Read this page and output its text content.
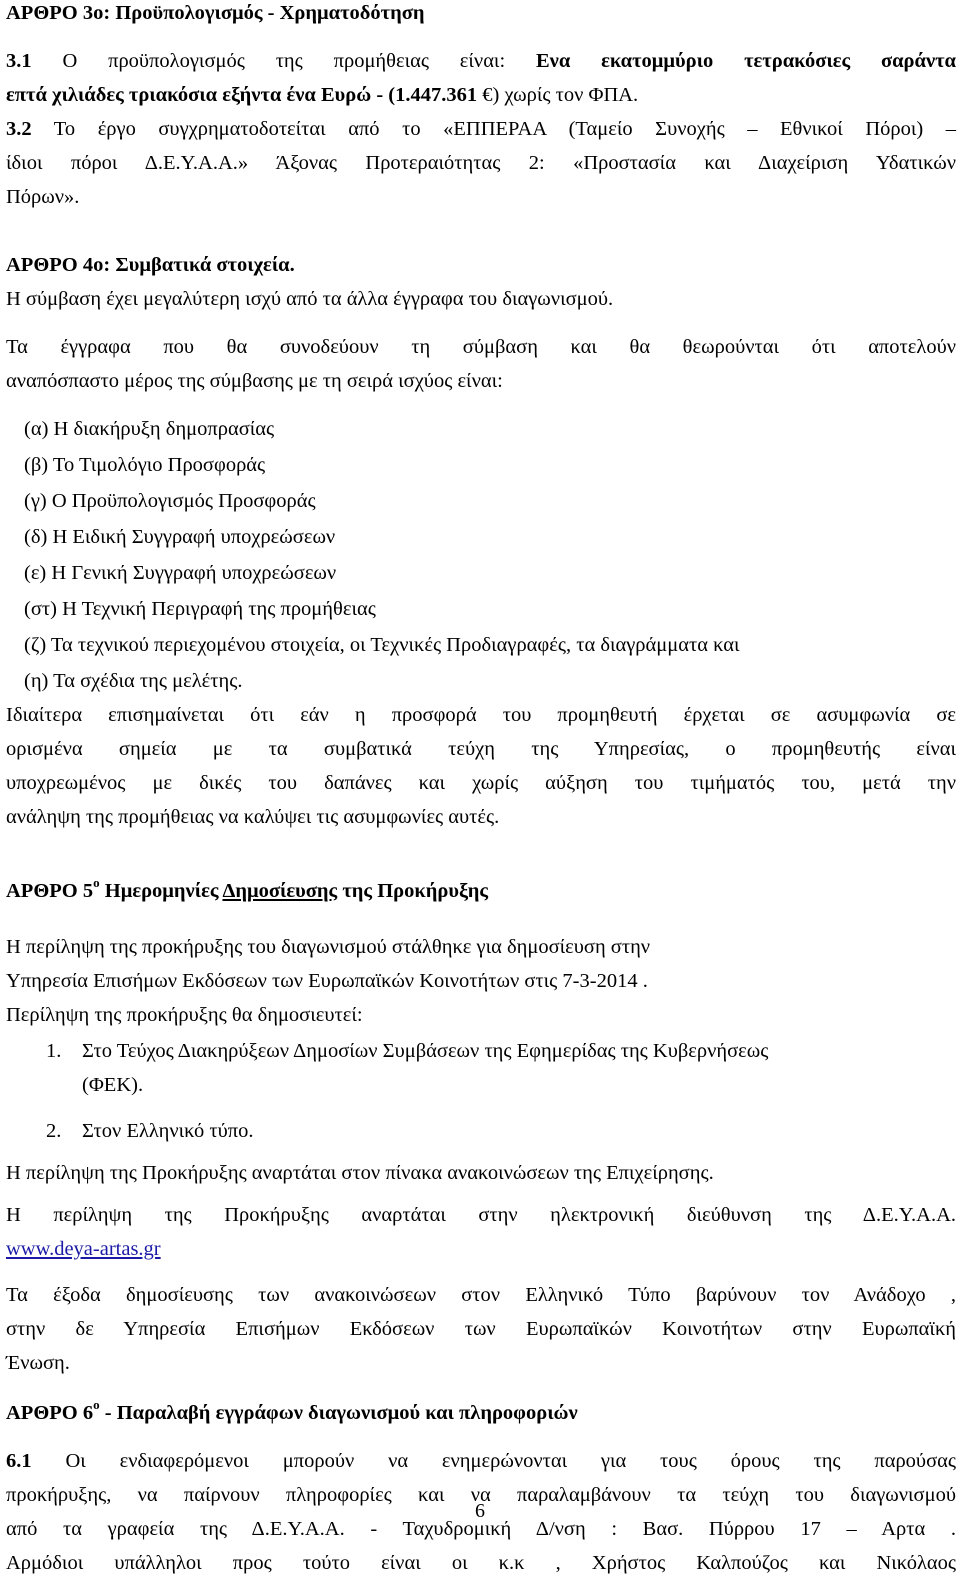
ΑΡΘΡΟ 3ο: Προϋπολογισμός - Χρηματοδότηση

3.1 Ο προϋπολογισμός της προμήθειας είναι: Ενα εκατομμύριο τετρακόσιες σαράντα

επτά χιλιάδες τριακόσια εξήντα ένα Ευρώ - (1.447.361 €) χωρίς τον ΦΠΑ.

3.2 Το έργο συγχρηματοδοτείται από το «ΕΠΠΕΡΑΑ (Ταμείο Συνοχής – Εθνικοί Πόροι) –

ίδιοι πόροι Δ.Ε.Υ.Α.Α.» Άξονας Προτεραιότητας 2: «Προστασία και Διαχείριση Υδατικών

Πόρων».

ΑΡΘΡΟ 4ο: Συμβατικά στοιχεία.

Η σύμβαση έχει μεγαλύτερη ισχύ από τα άλλα έγγραφα του διαγωνισμού.

Τα έγγραφα που θα συνοδεύουν τη σύμβαση και θα θεωρούνται ότι αποτελούν

αναπόσπαστο μέρος της σύμβασης με τη σειρά ισχύος είναι:

(α) Η διακήρυξη δημοπρασίας

(β) Το Τιμολόγιο Προσφοράς

(γ) Ο Προϋπολογισμός Προσφοράς

(δ) Η Ειδική Συγγραφή υποχρεώσεων

(ε) Η Γενική Συγγραφή υποχρεώσεων

(στ) Η Τεχνική Περιγραφή της προμήθειας

(ζ) Τα τεχνικού περιεχομένου στοιχεία, οι Τεχνικές Προδιαγραφές, τα διαγράμματα και

(η) Τα σχέδια της μελέτης.

Ιδιαίτερα επισημαίνεται ότι εάν η προσφορά του προμηθευτή έρχεται σε ασυμφωνία σε

ορισμένα σημεία με τα συμβατικά τεύχη της Υπηρεσίας, ο προμηθευτής είναι

υποχρεωμένος με δικές του δαπάνες και χωρίς αύξηση του τιμήματός του, μετά την

ανάληψη της προμήθειας να καλύψει τις ασυμφωνίες αυτές.

ΑΡΘΡΟ $5^o$ Ημερομηνίες Δημοσίευσης της Προκήρυξης

Η περίληψη της προκήρυξης του διαγωνισμού στάλθηκε για δημοσίευση στην

Υπηρεσία Επισήμων Εκδόσεων των Ευρωπαϊκών Κοινοτήτων στις 7-3-2014 .

Περίληψη της προκήρυξης θα δημοσιευτεί:

1.	Στο Τεύχος Διακηρύξεων Δημοσίων Συμβάσεων της Εφημερίδας της Κυβερνήσεως
(ΦΕΚ).
2.	Στον Ελληνικό τύπο.

Η περίληψη της Προκήρυξης αναρτάται στον πίνακα ανακοινώσεων της Επιχείρησης.

Η περίληψη της Προκήρυξης αναρτάται στην ηλεκτρονική διεύθυνση της Δ.Ε.Υ.Α.Α.

www.deya-artas.gr

Τα έξοδα δημοσίευσης των ανακοινώσεων στον Ελληνικό Τύπο βαρύνουν τον Ανάδοχο ,

στην δε Υπηρεσία Επισήμων Εκδόσεων των Ευρωπαϊκών Κοινοτήτων στην Ευρωπαϊκή

Ένωση.

ΑΡΘΡΟ $6^o$ - Παραλαβή εγγράφων διαγωνισμού και πληροφοριών

6.1 Οι ενδιαφερόμενοι μπορούν να ενημερώνονται για τους όρους της παρούσας

προκήρυξης, να παίρνουν πληροφορίες και να παραλαμβάνουν τα τεύχη του διαγωνισμού

από τα γραφεία της Δ.Ε.Υ.Α.Α. - Ταχυδρομική Δ/νση : Βασ. Πύρρου 17 – Αρτα .

Αρμόδιοι υπάλληλοι προς τούτο είναι οι κ.κ , Χρήστος Καλπούζος και Νικόλαος

6
